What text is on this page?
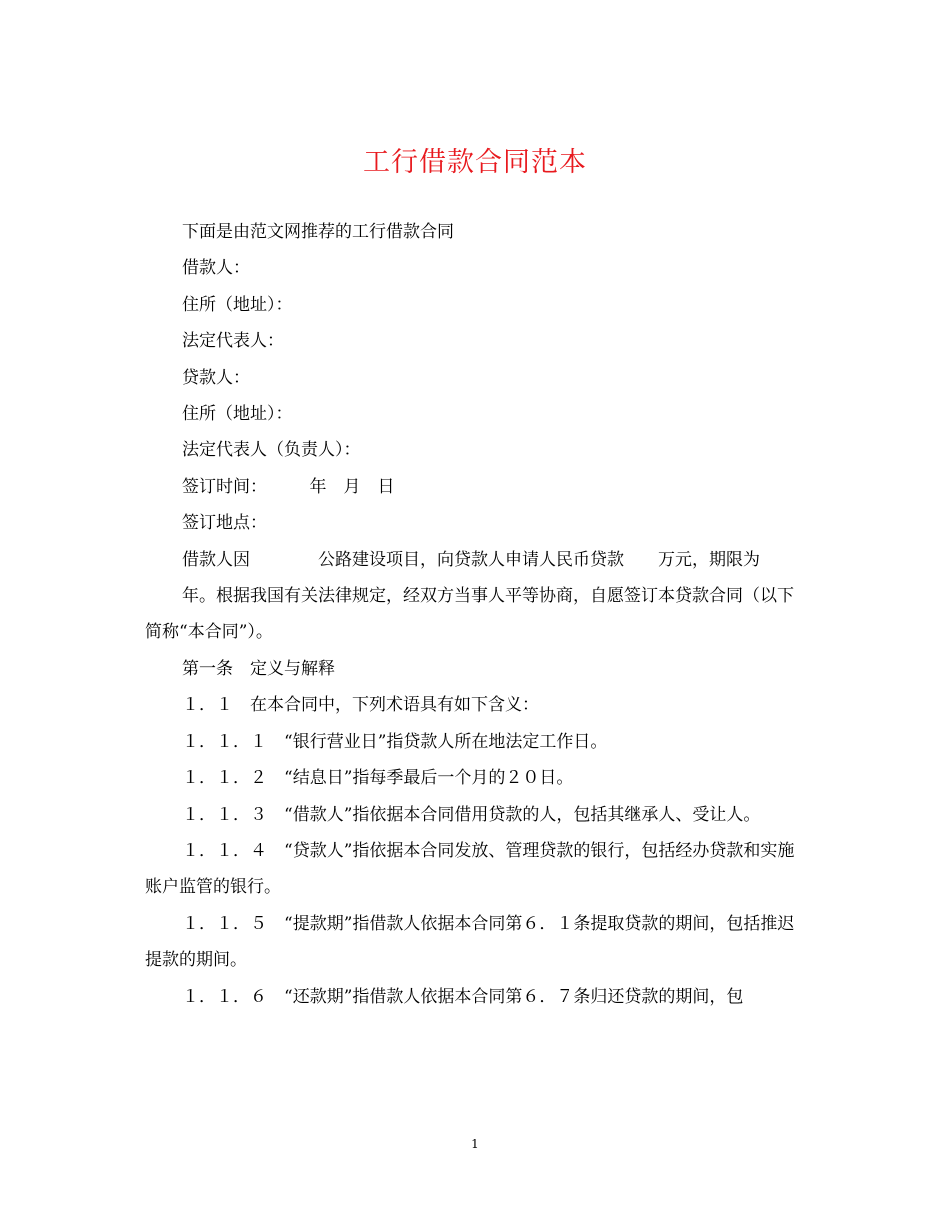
工行借款合同范本

下面是由范文网推荐的工行借款合同

借款人：

住所（地址）：

法定代表人：

贷款人：

住所（地址）：

法定代表人（负责人）：

签订时间：　　　年　月　日

签订地点：

借款人因　　　　公路建设项目，向贷款人申请人民币贷款　　万元，期限为

年。根据我国有关法律规定，经双方当事人平等协商，自愿签订本贷款合同（以下简称“本合同”）。

第一条　定义与解释

１．１　在本合同中，下列术语具有如下含义：

１．１．１　“银行营业日”指贷款人所在地法定工作日。

１．１．２　“结息日”指每季最后一个月的２０日。

１．１．３　“借款人”指依据本合同借用贷款的人，包括其继承人、受让人。

１．１．４　“贷款人”指依据本合同发放、管理贷款的银行，包括经办贷款和实施账户监管的银行。

１．１．５　“提款期”指借款人依据本合同第６．１条提取贷款的期间，包括推迟提款的期间。

１．１．６　“还款期”指借款人依据本合同第６．７条归还贷款的期间，包

1
